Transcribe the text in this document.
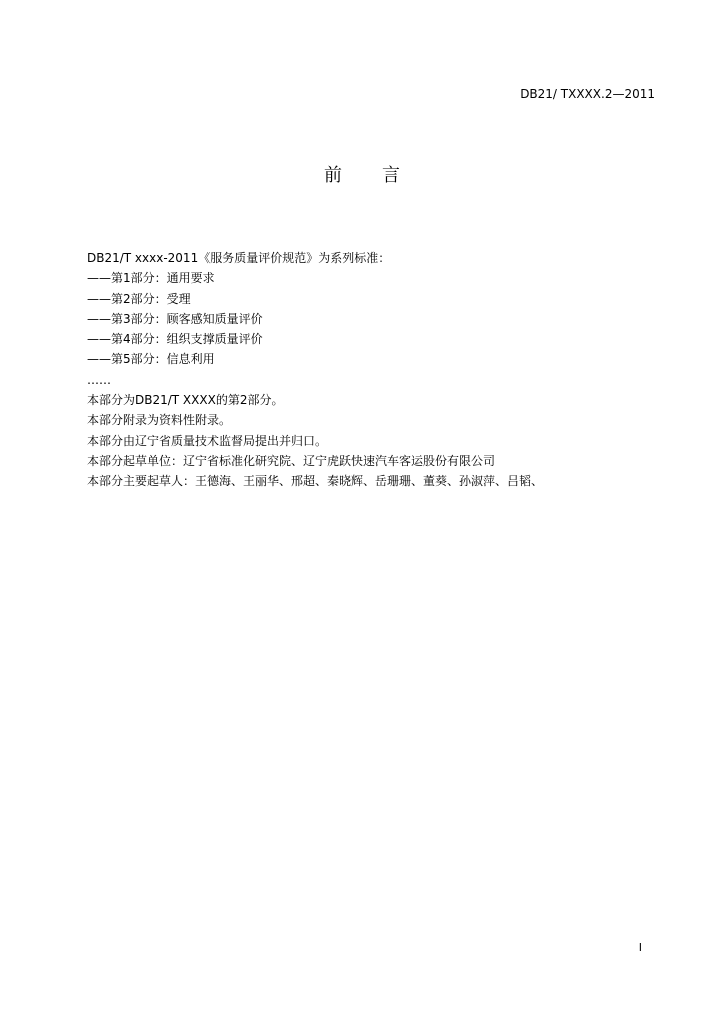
DB21/ TXXXX.2—2011
前言
DB21/T xxxx-2011《服务质量评价规范》为系列标准：
——第1部分：通用要求
——第2部分：受理
——第3部分：顾客感知质量评价
——第4部分：组织支撑质量评价
——第5部分：信息利用
……
本部分为DB21/T XXXX的第2部分。
本部分附录为资料性附录。
本部分由辽宁省质量技术监督局提出并归口。
本部分起草单位：辽宁省标准化研究院、辽宁虎跃快速汽车客运股份有限公司
本部分主要起草人：王德海、王丽华、邢超、秦晓辉、岳珊珊、董葵、孙淑萍、吕韬、
I
